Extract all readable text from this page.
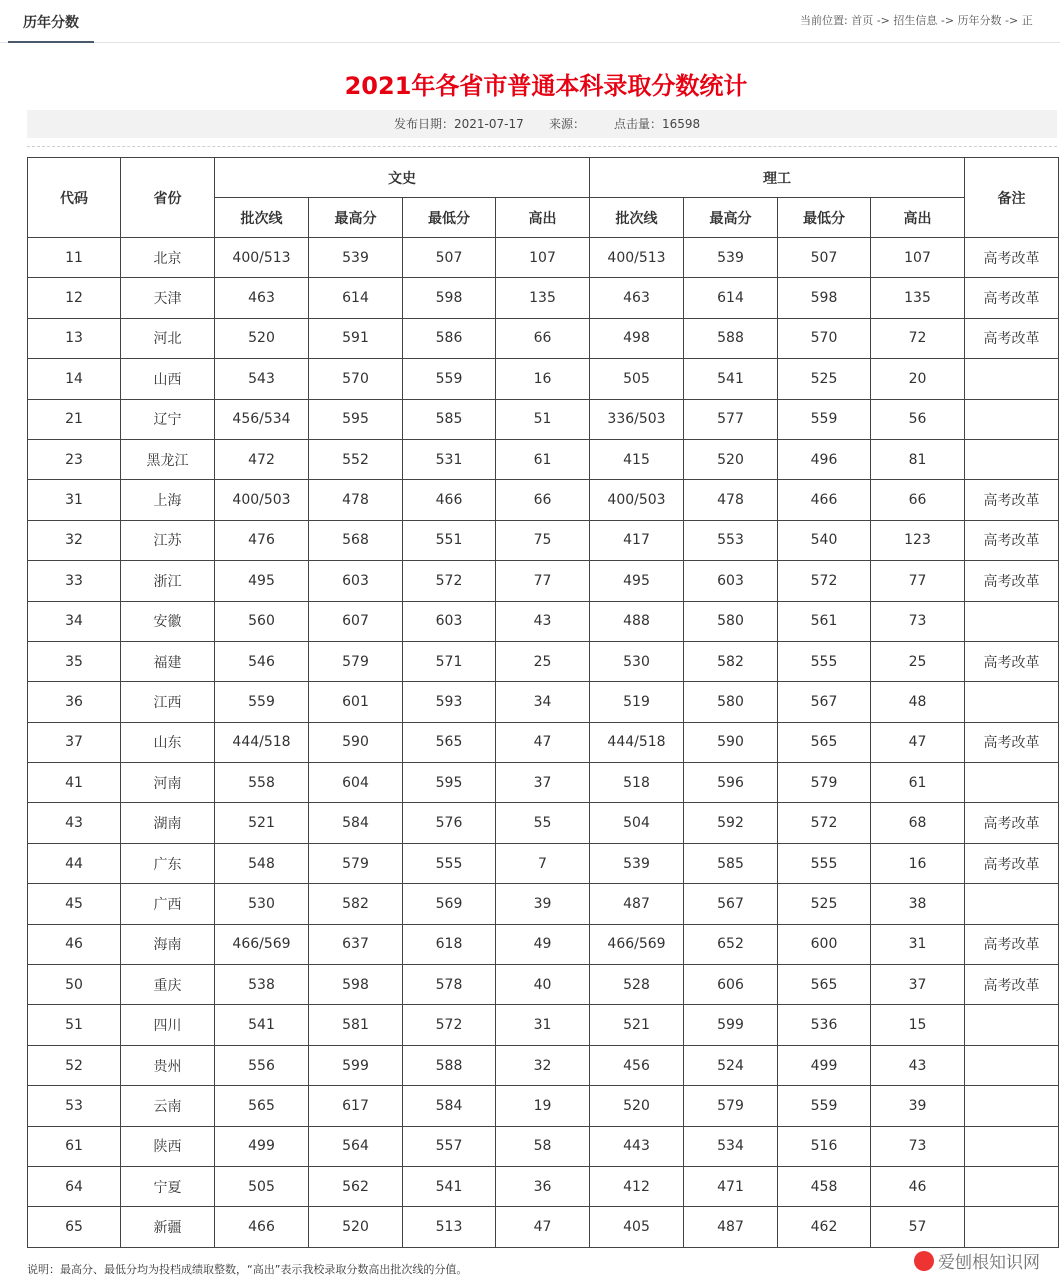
历年分数	当前位置: 首页 -> 招生信息 -> 历年分数 -> 正
2021年各省市普通本科录取分数统计
发布日期：2021-07-17 来源： 点击量：16598
代码	省份	文史				理工				备注
		批次线	最高分	最低分	高出	批次线	最高分	最低分	高出	
11	北京	400/513	539	507	107	400/513	539	507	107	高考改革
12	天津	463	614	598	135	463	614	598	135	高考改革
13	河北	520	591	586	66	498	588	570	72	高考改革
14	山西	543	570	559	16	505	541	525	20	
21	辽宁	456/534	595	585	51	336/503	577	559	56	
23	黑龙江	472	552	531	61	415	520	496	81	
31	上海	400/503	478	466	66	400/503	478	466	66	高考改革
32	江苏	476	568	551	75	417	553	540	123	高考改革
33	浙江	495	603	572	77	495	603	572	77	高考改革
34	安徽	560	607	603	43	488	580	561	73	
35	福建	546	579	571	25	530	582	555	25	高考改革
36	江西	559	601	593	34	519	580	567	48	
37	山东	444/518	590	565	47	444/518	590	565	47	高考改革
41	河南	558	604	595	37	518	596	579	61	
43	湖南	521	584	576	55	504	592	572	68	高考改革
44	广东	548	579	555	7	539	585	555	16	高考改革
45	广西	530	582	569	39	487	567	525	38	
46	海南	466/569	637	618	49	466/569	652	600	31	高考改革
50	重庆	538	598	578	40	528	606	565	37	高考改革
51	四川	541	581	572	31	521	599	536	15	
52	贵州	556	599	588	32	456	524	499	43	
53	云南	565	617	584	19	520	579	559	39	
61	陕西	499	564	557	58	443	534	516	73	
64	宁夏	505	562	541	36	412	471	458	46	
65	新疆	466	520	513	47	405	487	462	57	
说明：最高分、最低分均为投档成绩取整数，“高出”表示我校录取分数高出批次线的分值。	爱刨根知识网
